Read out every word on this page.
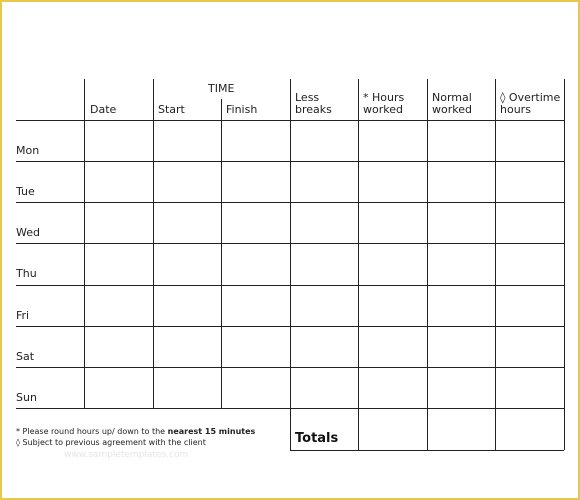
TIME
Date	Start	Finish
Less
breaks
* Hours
worked
Normal
worked
◊ Overtime
hours
Mon
Tue
Wed
Thu
Fri
Sat
Sun
Totals
* Please round hours up/ down to the nearest 15 minutes
◊ Subject to previous agreement with the client
www.sampletemplates.com
